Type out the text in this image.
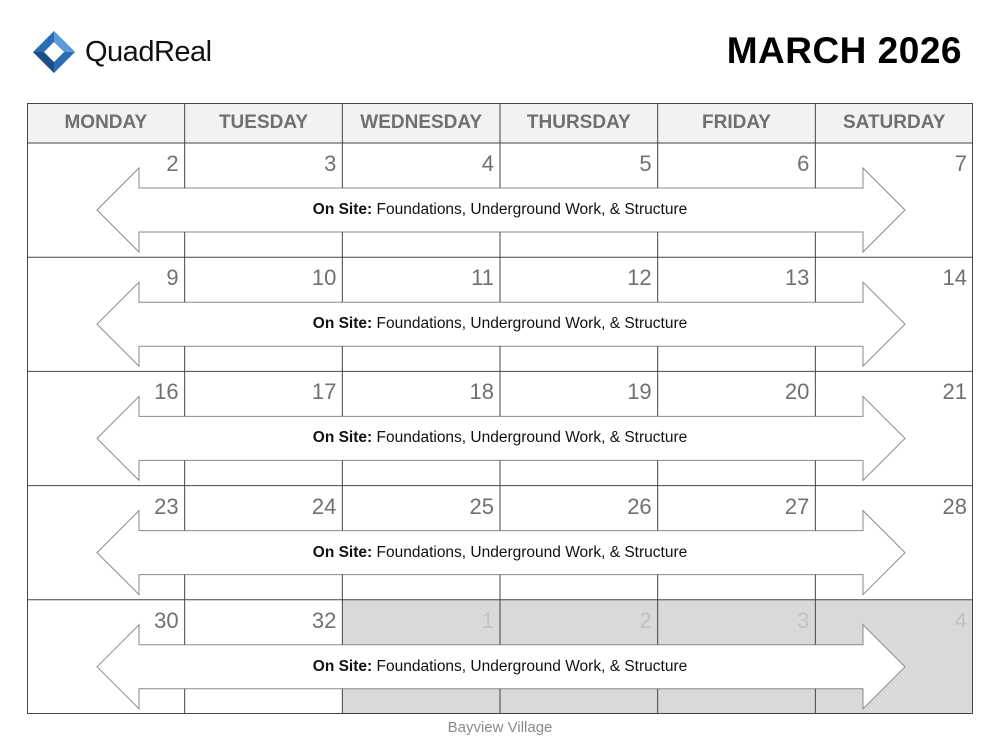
QuadReal	MARCH 2026
MONDAY	TUESDAY	WEDNESDAY	THURSDAY	FRIDAY	SATURDAY
2	3	4	5	6	7
On Site: Foundations, Underground Work, & Structure
9	10	11	12	13	14
On Site: Foundations, Underground Work, & Structure
16	17	18	19	20	21
On Site: Foundations, Underground Work, & Structure
23	24	25	26	27	28
On Site: Foundations, Underground Work, & Structure
30	32	1	2	3	4
On Site: Foundations, Underground Work, & Structure
Bayview Village
